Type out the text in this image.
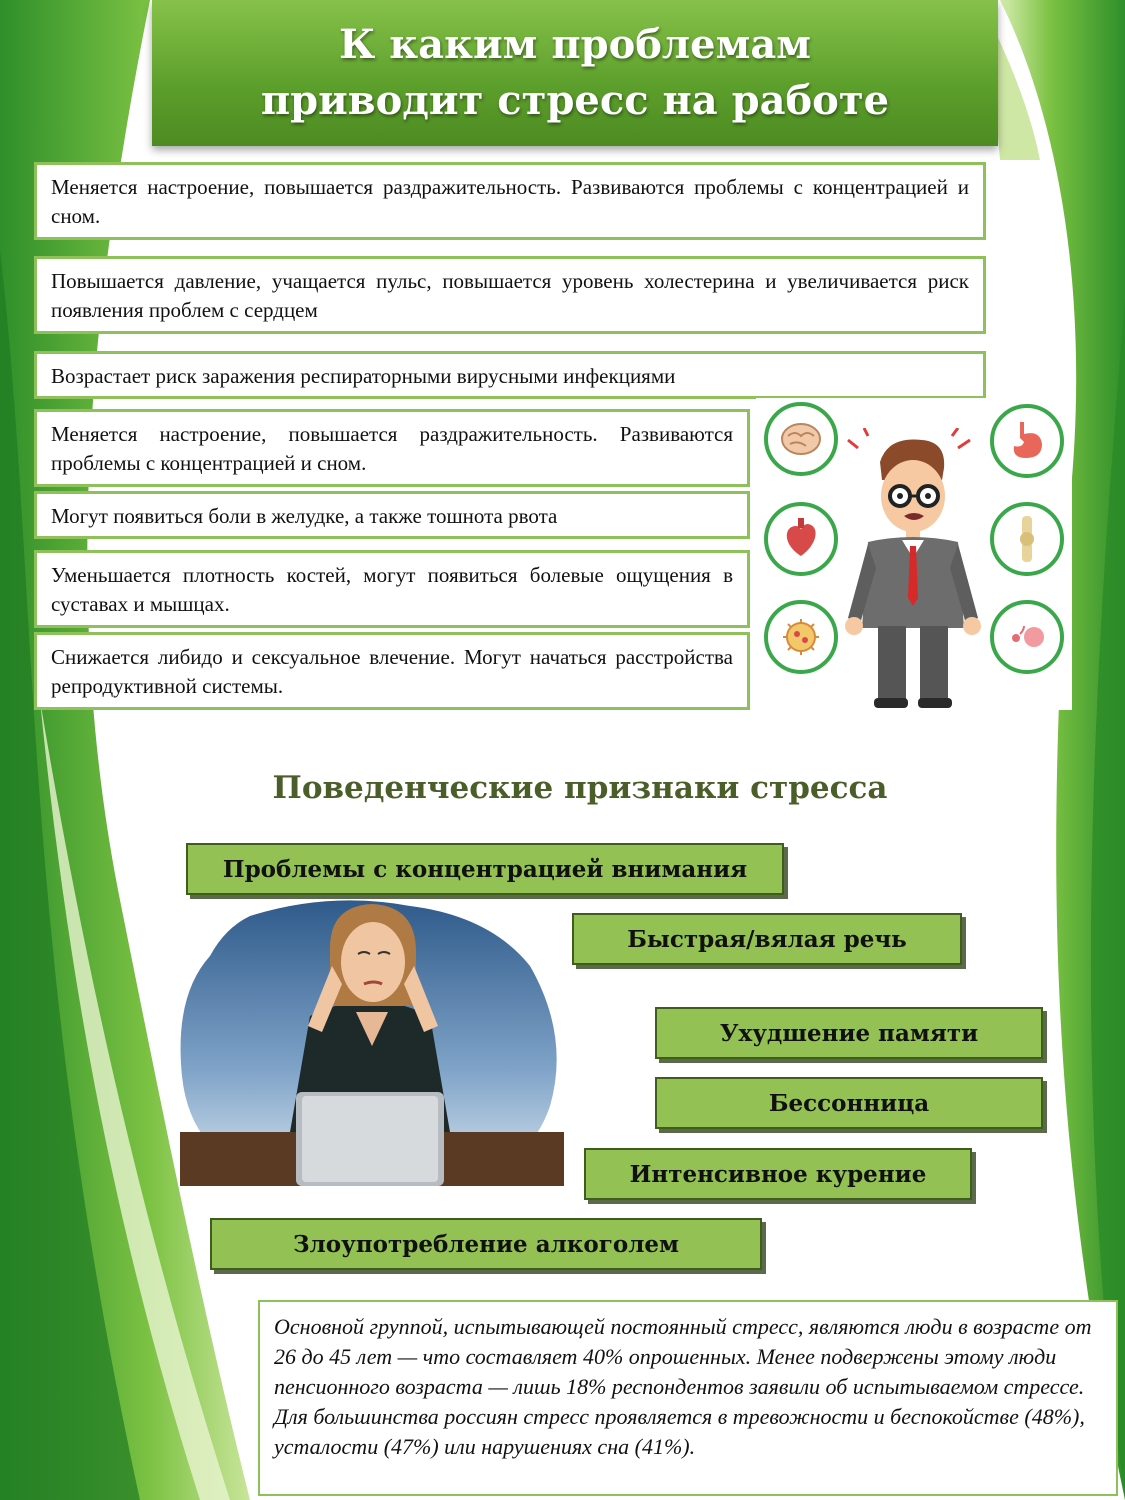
К каким проблемам приводит стресс на работе
Меняется настроение, повышается раздражительность. Развиваются проблемы с концентрацией и сном.
Повышается давление, учащается пульс, повышается уровень холестерина и увеличивается риск появления проблем с сердцем
Возрастает риск заражения респираторными вирусными инфекциями
Меняется настроение, повышается раздражительность. Развиваются проблемы с концентрацией и сном.
Могут появиться боли в желудке, а также тошнота рвота
Уменьшается плотность костей, могут появиться болевые ощущения в суставах и мышцах.
Снижается либидо и сексуальное влечение. Могут начаться расстройства репродуктивной системы.
Поведенческие признаки стресса
Проблемы с концентрацией внимания
Быстрая/вялая речь
Ухудшение памяти
Бессонница
Интенсивное курение
Злоупотребление алкоголем
Основной группой, испытывающей постоянный стресс, являются люди в возрасте от 26 до 45 лет — что составляет 40% опрошенных. Менее подвержены этому люди пенсионного возраста — лишь 18% респондентов заявили об испытываемом стрессе. Для большинства россиян стресс проявляется в тревожности и беспокойстве (48%), усталости (47%) или нарушениях сна (41%).
